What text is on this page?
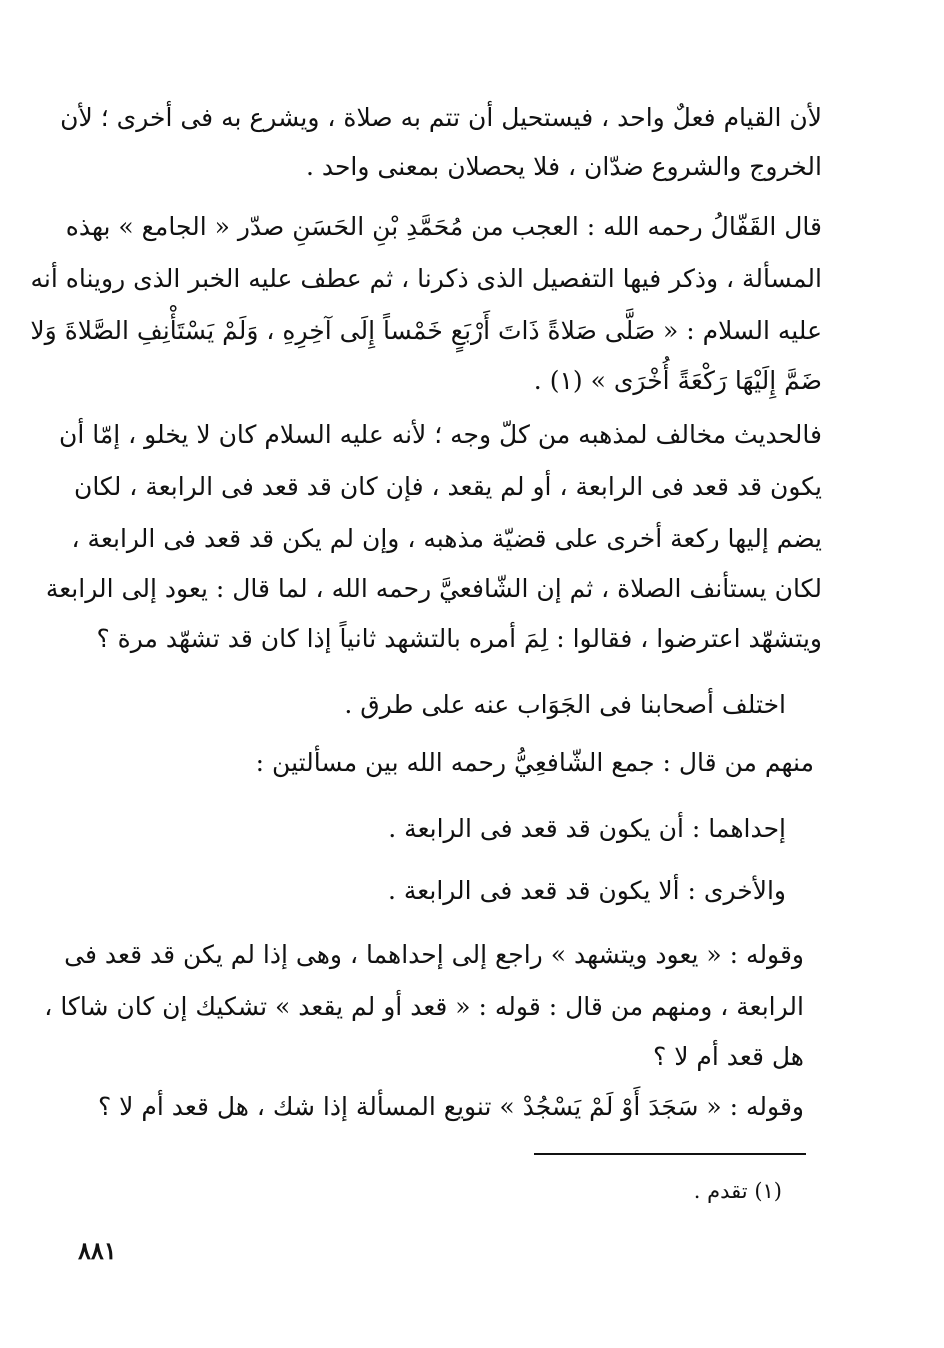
لأن القيام فعلٌ واحد ، فيستحيل أن تتم به صلاة ، ويشرع به فى أخرى ؛ لأن
الخروج والشروع ضدّان ، فلا يحصلان بمعنى واحد .
قال القَفّالُ رحمه الله : العجب من مُحَمَّدِ بْنِ الحَسَنِ صدّر « الجامع » بهذه
المسألة ، وذكر فيها التفصيل الذى ذكرنا ، ثم عطف عليه الخبر الذى رويناه أنه
عليه السلام : « صَلَّى صَلاةً ذَاتَ أَرْبَعٍ خَمْساً إِلَى آخِرِهِ ، وَلَمْ يَسْتَأْنِفِ الصَّلاةَ وَلا
ضَمَّ إِلَيْهَا رَكْعَةً أُخْرَى » (١) .
فالحديث مخالف لمذهبه من كلّ وجه ؛ لأنه عليه السلام كان لا يخلو ، إمّا أن
يكون قد قعد فى الرابعة ، أو لم يقعد ، فإن كان قد قعد فى الرابعة ، لكان
يضم إليها ركعة أخرى على قضيّة مذهبه ، وإن لم يكن قد قعد فى الرابعة ،
لكان يستأنف الصلاة ، ثم إن الشّافعيَّ رحمه الله ، لما قال : يعود إلى الرابعة
ويتشهّد اعترضوا ، فقالوا : لِمَ أمره بالتشهد ثانياً إذا كان قد تشهّد مرة ؟
اختلف أصحابنا فى الجَوَاب عنه على طرق .
منهم من قال : جمع الشّافعِيُّ رحمه الله بين مسألتين :
إحداهما : أن يكون قد قعد فى الرابعة .
والأخرى : ألا يكون قد قعد فى الرابعة .
وقوله : « يعود ويتشهد » راجع إلى إحداهما ، وهى إذا لم يكن قد قعد فى
الرابعة ، ومنهم من قال : قوله : « قعد أو لم يقعد » تشكيك إن كان شاكا ،
هل قعد أم لا ؟
وقوله : « سَجَدَ أَوْ لَمْ يَسْجُدْ » تنويع المسألة إذا شك ، هل قعد أم لا ؟
(١) تقدم .
٨٨١
